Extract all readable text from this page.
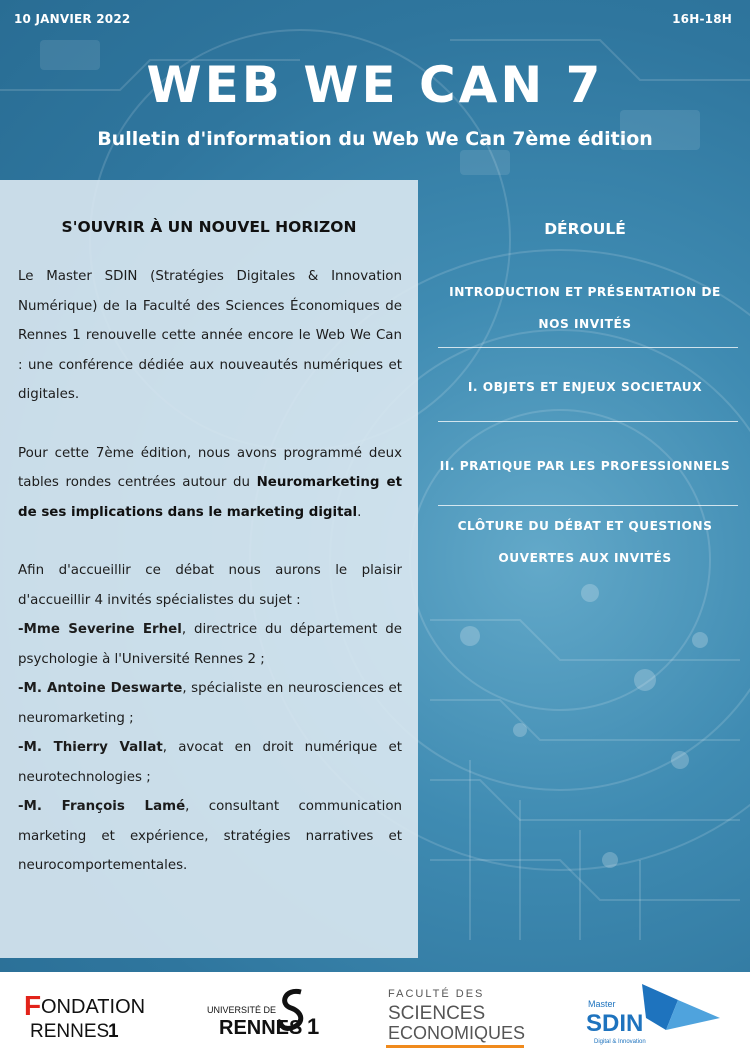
10 JANVIER 2022	16H-18H
WEB WE CAN 7
Bulletin d'information du Web We Can 7ème édition
S'OUVRIR À UN NOUVEL HORIZON

Le Master SDIN (Stratégies Digitales & Innovation Numérique) de la Faculté des Sciences Économiques de Rennes 1 renouvelle cette année encore le Web We Can : une conférence dédiée aux nouveautés numériques et digitales.

Pour cette 7ème édition, nous avons programmé deux tables rondes centrées autour du Neuromarketing et de ses implications dans le marketing digital.

Afin d'accueillir ce débat nous aurons le plaisir d'accueillir 4 invités spécialistes du sujet :

-Mme Severine Erhel, directrice du département de psychologie à l'Université Rennes 2 ;

-M. Antoine Deswarte, spécialiste en neurosciences et neuromarketing ;

-M. Thierry Vallat, avocat en droit numérique et neurotechnologies ;

-M. François Lamé, consultant communication marketing et expérience, stratégies narratives et neurocomportementales.

DÉROULÉ
INTRODUCTION ET PRÉSENTATION DE
NOS INVITÉS
I. OBJETS ET ENJEUX SOCIETAUX
II. PRATIQUE PAR LES PROFESSIONNELS
CLÔTURE DU DÉBAT ET QUESTIONS
OUVERTES AUX INVITÉS
F ONDATION
RENNES
1
UNIVERSITÉ DE
RENNES 1
FACULTÉ DES
SCIENCES
ECONOMIQUES
Master
SDIN
Digital & Innovation
